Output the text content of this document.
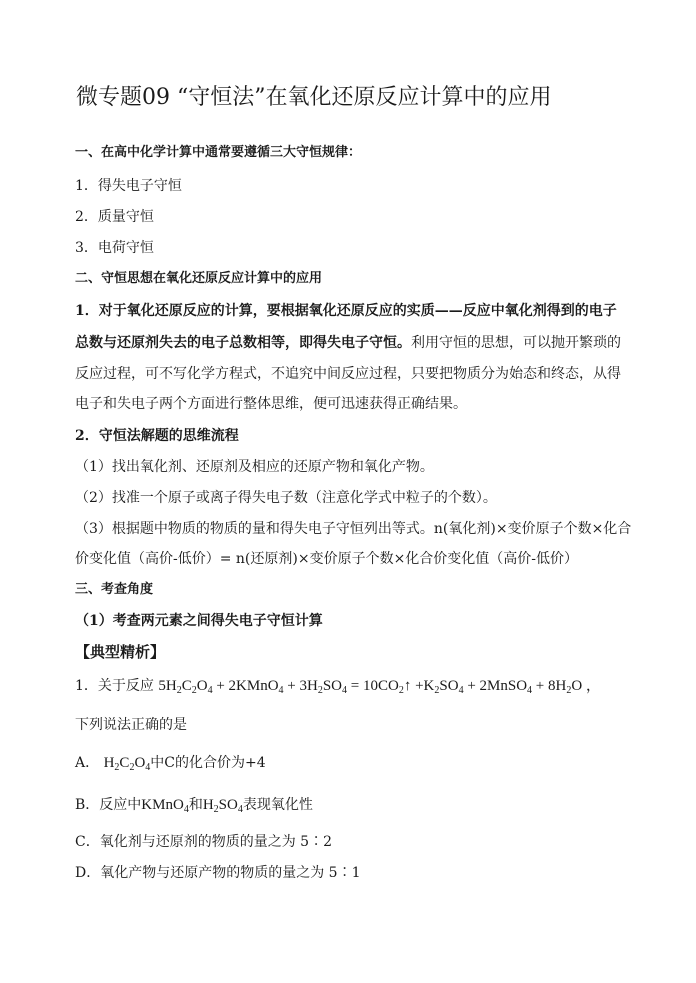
微专题09 “守恒法”在氧化还原反应计算中的应用
一、在高中化学计算中通常要遵循三大守恒规律：
1．得失电子守恒
2．质量守恒
3．电荷守恒
二、守恒思想在氧化还原反应计算中的应用
1．对于氧化还原反应的计算，要根据氧化还原反应的实质——反应中氧化剂得到的电子
总数与还原剂失去的电子总数相等，即得失电子守恒。利用守恒的思想，可以抛开繁琐的
反应过程，可不写化学方程式，不追究中间反应过程，只要把物质分为始态和终态，从得
电子和失电子两个方面进行整体思维，便可迅速获得正确结果。
2．守恒法解题的思维流程
（1）找出氧化剂、还原剂及相应的还原产物和氧化产物。
（2）找准一个原子或离子得失电子数（注意化学式中粒子的个数）。
（3）根据题中物质的物质的量和得失电子守恒列出等式。n(氧化剂)×变价原子个数×化合
价变化值（高价-低价）= n(还原剂)×变价原子个数×化合价变化值（高价-低价）
三、考查角度
（1）考查两元素之间得失电子守恒计算
【典型精析】
1．关于反应 $5H_2C_2O_4$ + 2KMnO$_4$ + $3H_2SO_4$ = $10CO_2↑ +K_2SO_4$ + 2MnSO$_4$ + $8H_2O$ ，
下列说法正确的是
A． $H_2C_2O_4$中C的化合价为+4
B．反应中KMnO$_4$和$H_2SO_4$表现氧化性
C．氧化剂与还原剂的物质的量之为 5∶2
D．氧化产物与还原产物的物质的量之为 5∶1
